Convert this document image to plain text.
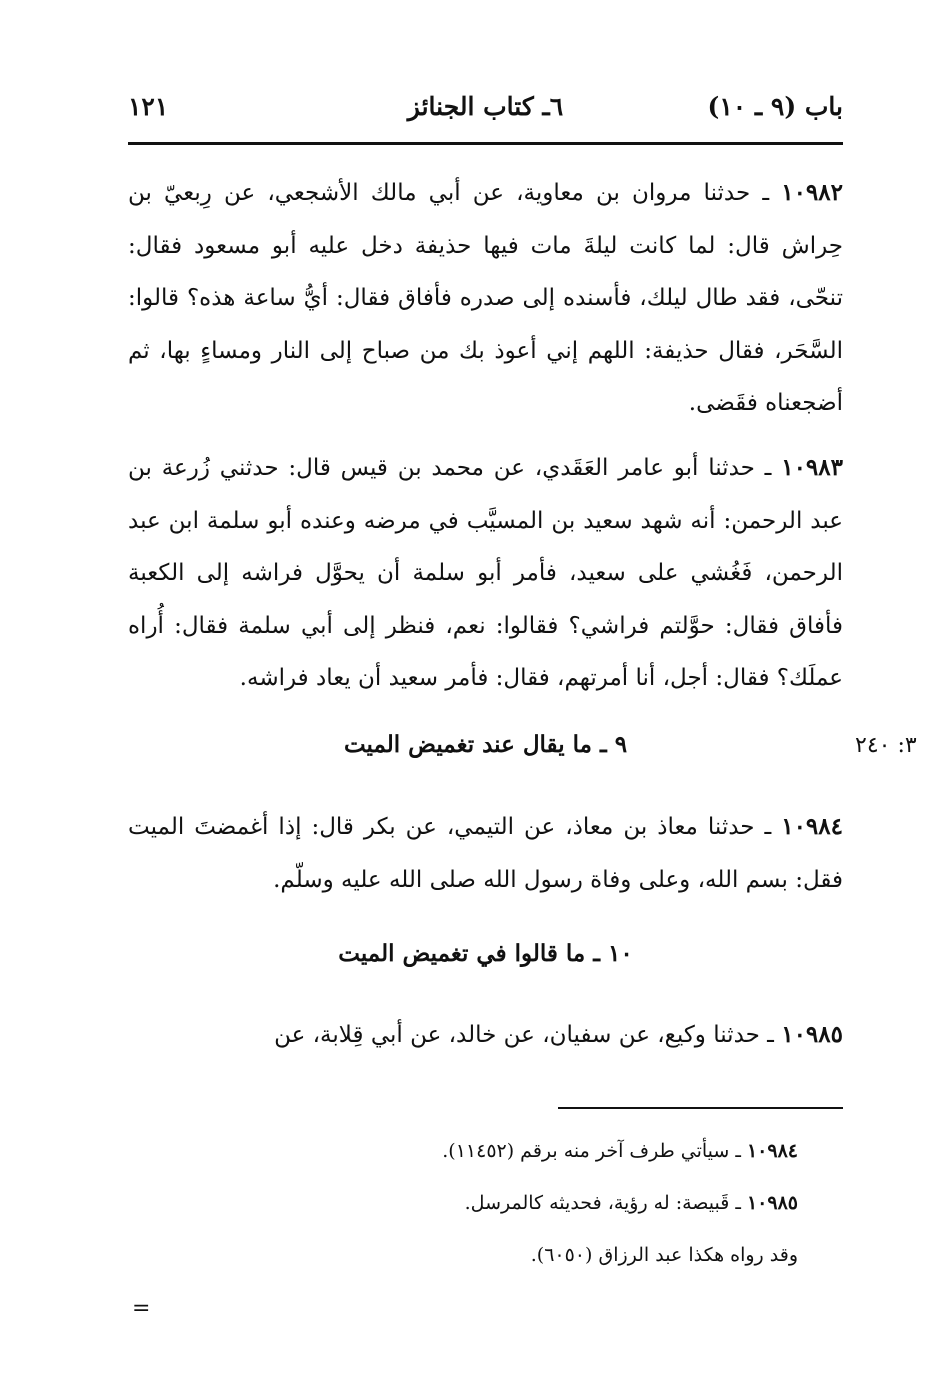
١٢١	٦ـ كتاب الجنائز	باب (٩ ـ ١٠)

١٠٩٨٢ ـ حدثنا مروان بن معاوية، عن أبي مالك الأشجعي، عن رِبعيّ بن حِراش قال: لما كانت ليلةَ مات فيها حذيفة دخل عليه أبو مسعود فقال: تنحّى، فقد طال ليلك، فأسنده إلى صدره فأفاق فقال: أيُّ ساعة هذه؟ قالوا: السَّحَر، فقال حذيفة: اللهم إني أعوذ بك من صباح إلى النار ومساءٍ بها، ثم أضجعناه فقَضى.

١٠٩٨٣ ـ حدثنا أبو عامر العَقَدي، عن محمد بن قيس قال: حدثني زُرعة بن عبد الرحمن: أنه شهد سعيد بن المسيَّب في مرضه وعنده أبو سلمة ابن عبد الرحمن، فَغُشي على سعيد، فأمر أبو سلمة أن يحوَّل فراشه إلى الكعبة فأفاق فقال: حوَّلتم فراشي؟ فقالوا: نعم، فنظر إلى أبي سلمة فقال: أُراه عملَك؟ فقال: أجل، أنا أمرتهم، فقال: فأمر سعيد أن يعاد فراشه.

٩ ـ ما يقال عند تغميض الميت	٣: ٢٤٠

١٠٩٨٤ ـ حدثنا معاذ بن معاذ، عن التيمي، عن بكر قال: إذا أغمضتَ الميت فقل: بسم الله، وعلى وفاة رسول الله صلى الله عليه وسلّم.

١٠ ـ ما قالوا في تغميض الميت

١٠٩٨٥ ـ حدثنا وكيع، عن سفيان، عن خالد، عن أبي قِلابة، عن

١٠٩٨٤ ـ سيأتي طرف آخر منه برقم (١١٤٥٢).

١٠٩٨٥ ـ قَبيصة: له رؤية، فحديثه كالمرسل.

وقد رواه هكذا عبد الرزاق (٦٠٥٠).

=
